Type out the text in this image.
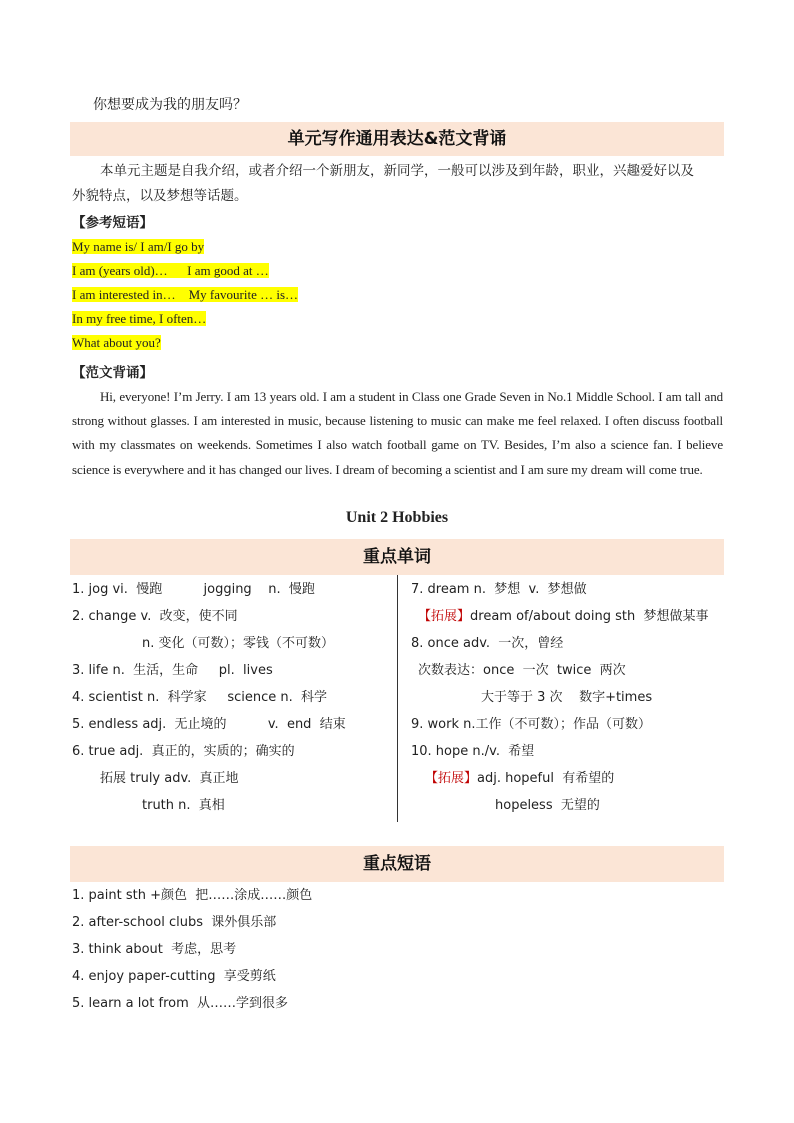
你想要成为我的朋友吗？
单元写作通用表达&范文背诵
本单元主题是自我介绍，或者介绍一个新朋友，新同学，一般可以涉及到年龄，职业，兴趣爱好以及
外貌特点，以及梦想等话题。
【参考短语】
My name is/ I am/I go by
I am (years old)…      I am good at …
I am interested in…    My favourite … is…
In my free time, I often…
What about you?
【范文背诵】
Hi, everyone! I’m Jerry. I am 13 years old. I am a student in Class one Grade Seven in No.1 Middle School. I am tall and strong without glasses. I am interested in music, because listening to music can make me feel relaxed. I often discuss football with my classmates on weekends. Sometimes I also watch football game on TV. Besides, I’m also a science fan. I believe science is everywhere and it has changed our lives. I dream of becoming a scientist and I am sure my dream will come true.
Unit 2 Hobbies
重点单词
1. jog vi.  慢跑          jogging    n.  慢跑
2. change v.  改变，使不同
n. 变化（可数）；零钱（不可数）
3. life n.  生活，生命     pl.  lives
4. scientist n.  科学家     science n.  科学
5. endless adj.  无止境的          v.  end  结束
6. true adj.  真正的，实质的；确实的
拓展 truly adv.  真正地
truth n.  真相
7. dream n.  梦想  v.  梦想做
【拓展】dream of/about doing sth  梦想做某事
8. once adv.  一次，曾经
次数表达：once  一次  twice  两次
大于等于 3 次    数字+times
9. work n.工作（不可数）；作品（可数）
10. hope n./v.  希望
【拓展】adj. hopeful  有希望的
hopeless  无望的
重点短语
1. paint sth +颜色  把……涂成……颜色
2. after-school clubs  课外俱乐部
3. think about  考虑，思考
4. enjoy paper-cutting  享受剪纸
5. learn a lot from  从……学到很多
